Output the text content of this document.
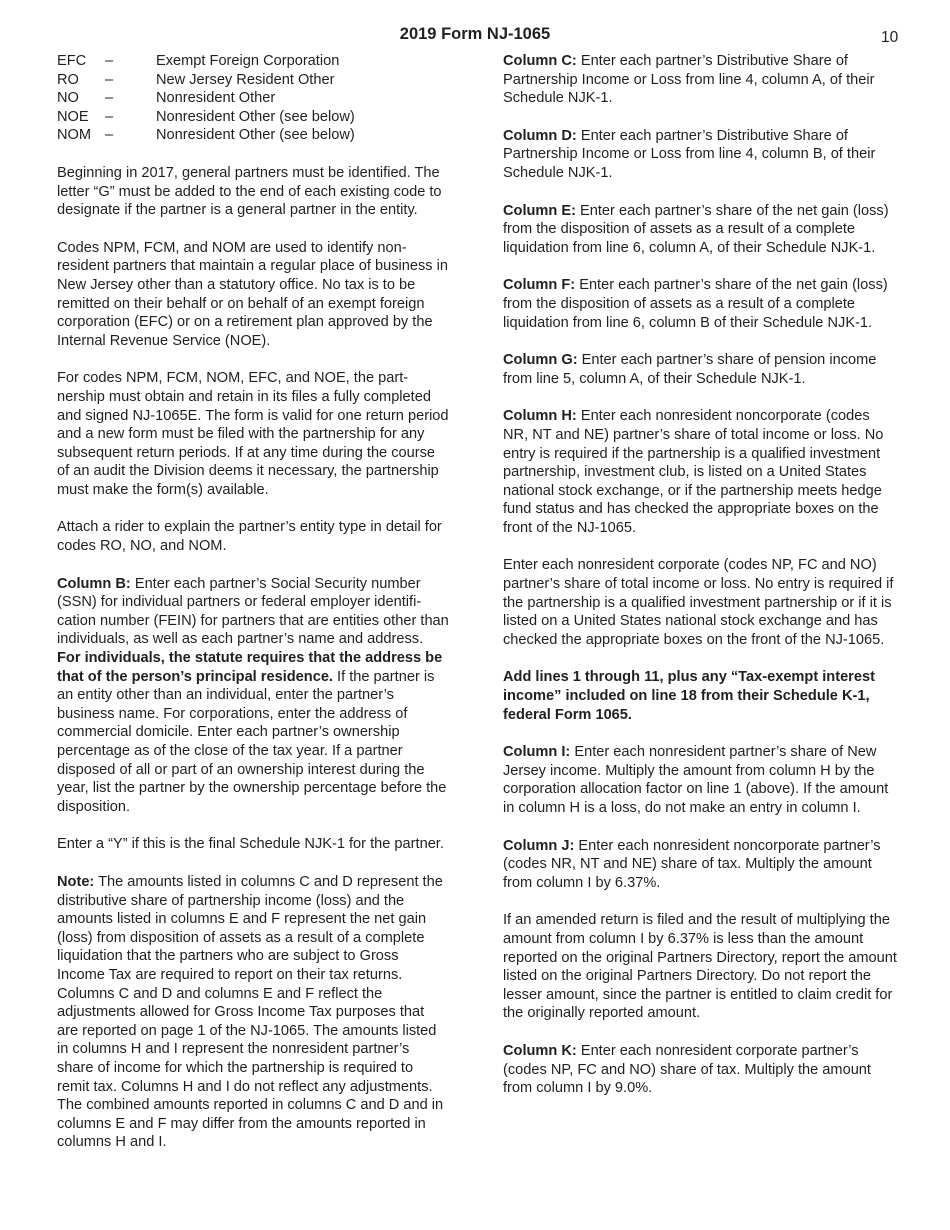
2019 Form NJ-1065	10
EFC	–	Exempt Foreign Corporation
RO	–	New Jersey Resident Other
NO	–	Nonresident Other
NOE	–	Nonresident Other (see below)
NOM –	Nonresident Other (see below)

Beginning in 2017, general partners must be identified. The letter “G” must be added to the end of each existing code to designate if the partner is a general partner in the entity.

Codes NPM, FCM, and NOM are used to identify nonresident partners that maintain a regular place of business in New Jersey other than a statutory office. No tax is to be remitted on their behalf or on behalf of an exempt foreign corporation (EFC) or on a retirement plan approved by the Internal Revenue Service (NOE).

For codes NPM, FCM, NOM, EFC, and NOE, the partnership must obtain and retain in its files a fully completed and signed NJ-1065E. The form is valid for one return period and a new form must be filed with the partnership for any subsequent return periods. If at any time during the course of an audit the Division deems it necessary, the partnership must make the form(s) available.

Attach a rider to explain the partner’s entity type in detail for codes RO, NO, and NOM.

Column B: Enter each partner’s Social Security number (SSN) for individual partners or federal employer identification number (FEIN) for partners that are entities other than individuals, as well as each partner’s name and address. For individuals, the statute requires that the address be that of the person’s principal residence. If the partner is an entity other than an individual, enter the partner’s business name. For corporations, enter the address of commercial domicile. Enter each partner’s ownership percentage as of the close of the tax year. If a partner disposed of all or part of an ownership interest during the year, list the partner by the ownership percentage before the disposition.

Enter a “Y” if this is the final Schedule NJK-1 for the partner.

Note: The amounts listed in columns C and D represent the distributive share of partnership income (loss) and the amounts listed in columns E and F represent the net gain (loss) from disposition of assets as a result of a complete liquidation that the partners who are subject to Gross Income Tax are required to report on their tax returns. Columns C and D and columns E and F reflect the adjustments allowed for Gross Income Tax purposes that are reported on page 1 of the NJ-1065. The amounts listed in columns H and I represent the nonresident partner’s share of income for which the partnership is required to remit tax. Columns H and I do not reflect any adjustments. The combined amounts reported in columns C and D and in columns E and F may differ from the amounts reported in columns H and I.

Column C: Enter each partner’s Distributive Share of Partnership Income or Loss from line 4, column A, of their Schedule NJK-1.

Column D: Enter each partner’s Distributive Share of Partnership Income or Loss from line 4, column B, of their Schedule NJK-1.

Column E: Enter each partner’s share of the net gain (loss) from the disposition of assets as a result of a complete liquidation from line 6, column A, of their Schedule NJK-1.

Column F: Enter each partner’s share of the net gain (loss) from the disposition of assets as a result of a complete liquidation from line 6, column B of their Schedule NJK-1.

Column G: Enter each partner’s share of pension income from line 5, column A, of their Schedule NJK-1.

Column H: Enter each nonresident noncorporate (codes NR, NT and NE) partner’s share of total income or loss. No entry is required if the partnership is a qualified investment partnership, investment club, is listed on a United States national stock exchange, or if the partnership meets hedge fund status and has checked the appropriate boxes on the front of the NJ-1065.

Enter each nonresident corporate (codes NP, FC and NO) partner’s share of total income or loss. No entry is required if the partnership is a qualified investment partnership or if it is listed on a United States national stock exchange and has checked the appropriate boxes on the front of the NJ-1065.

Add lines 1 through 11, plus any “Tax-exempt interest income” included on line 18 from their Schedule K-1, federal Form 1065.

Column I: Enter each nonresident partner’s share of New Jersey income. Multiply the amount from column H by the corporation allocation factor on line 1 (above). If the amount in column H is a loss, do not make an entry in column I.

Column J: Enter each nonresident noncorporate partner’s (codes NR, NT and NE) share of tax. Multiply the amount from column I by 6.37%.

If an amended return is filed and the result of multiplying the amount from column I by 6.37% is less than the amount reported on the original Partners Directory, report the amount listed on the original Partners Directory. Do not report the lesser amount, since the partner is entitled to claim credit for the originally reported amount.

Column K: Enter each nonresident corporate partner’s (codes NP, FC and NO) share of tax. Multiply the amount from column I by 9.0%.
